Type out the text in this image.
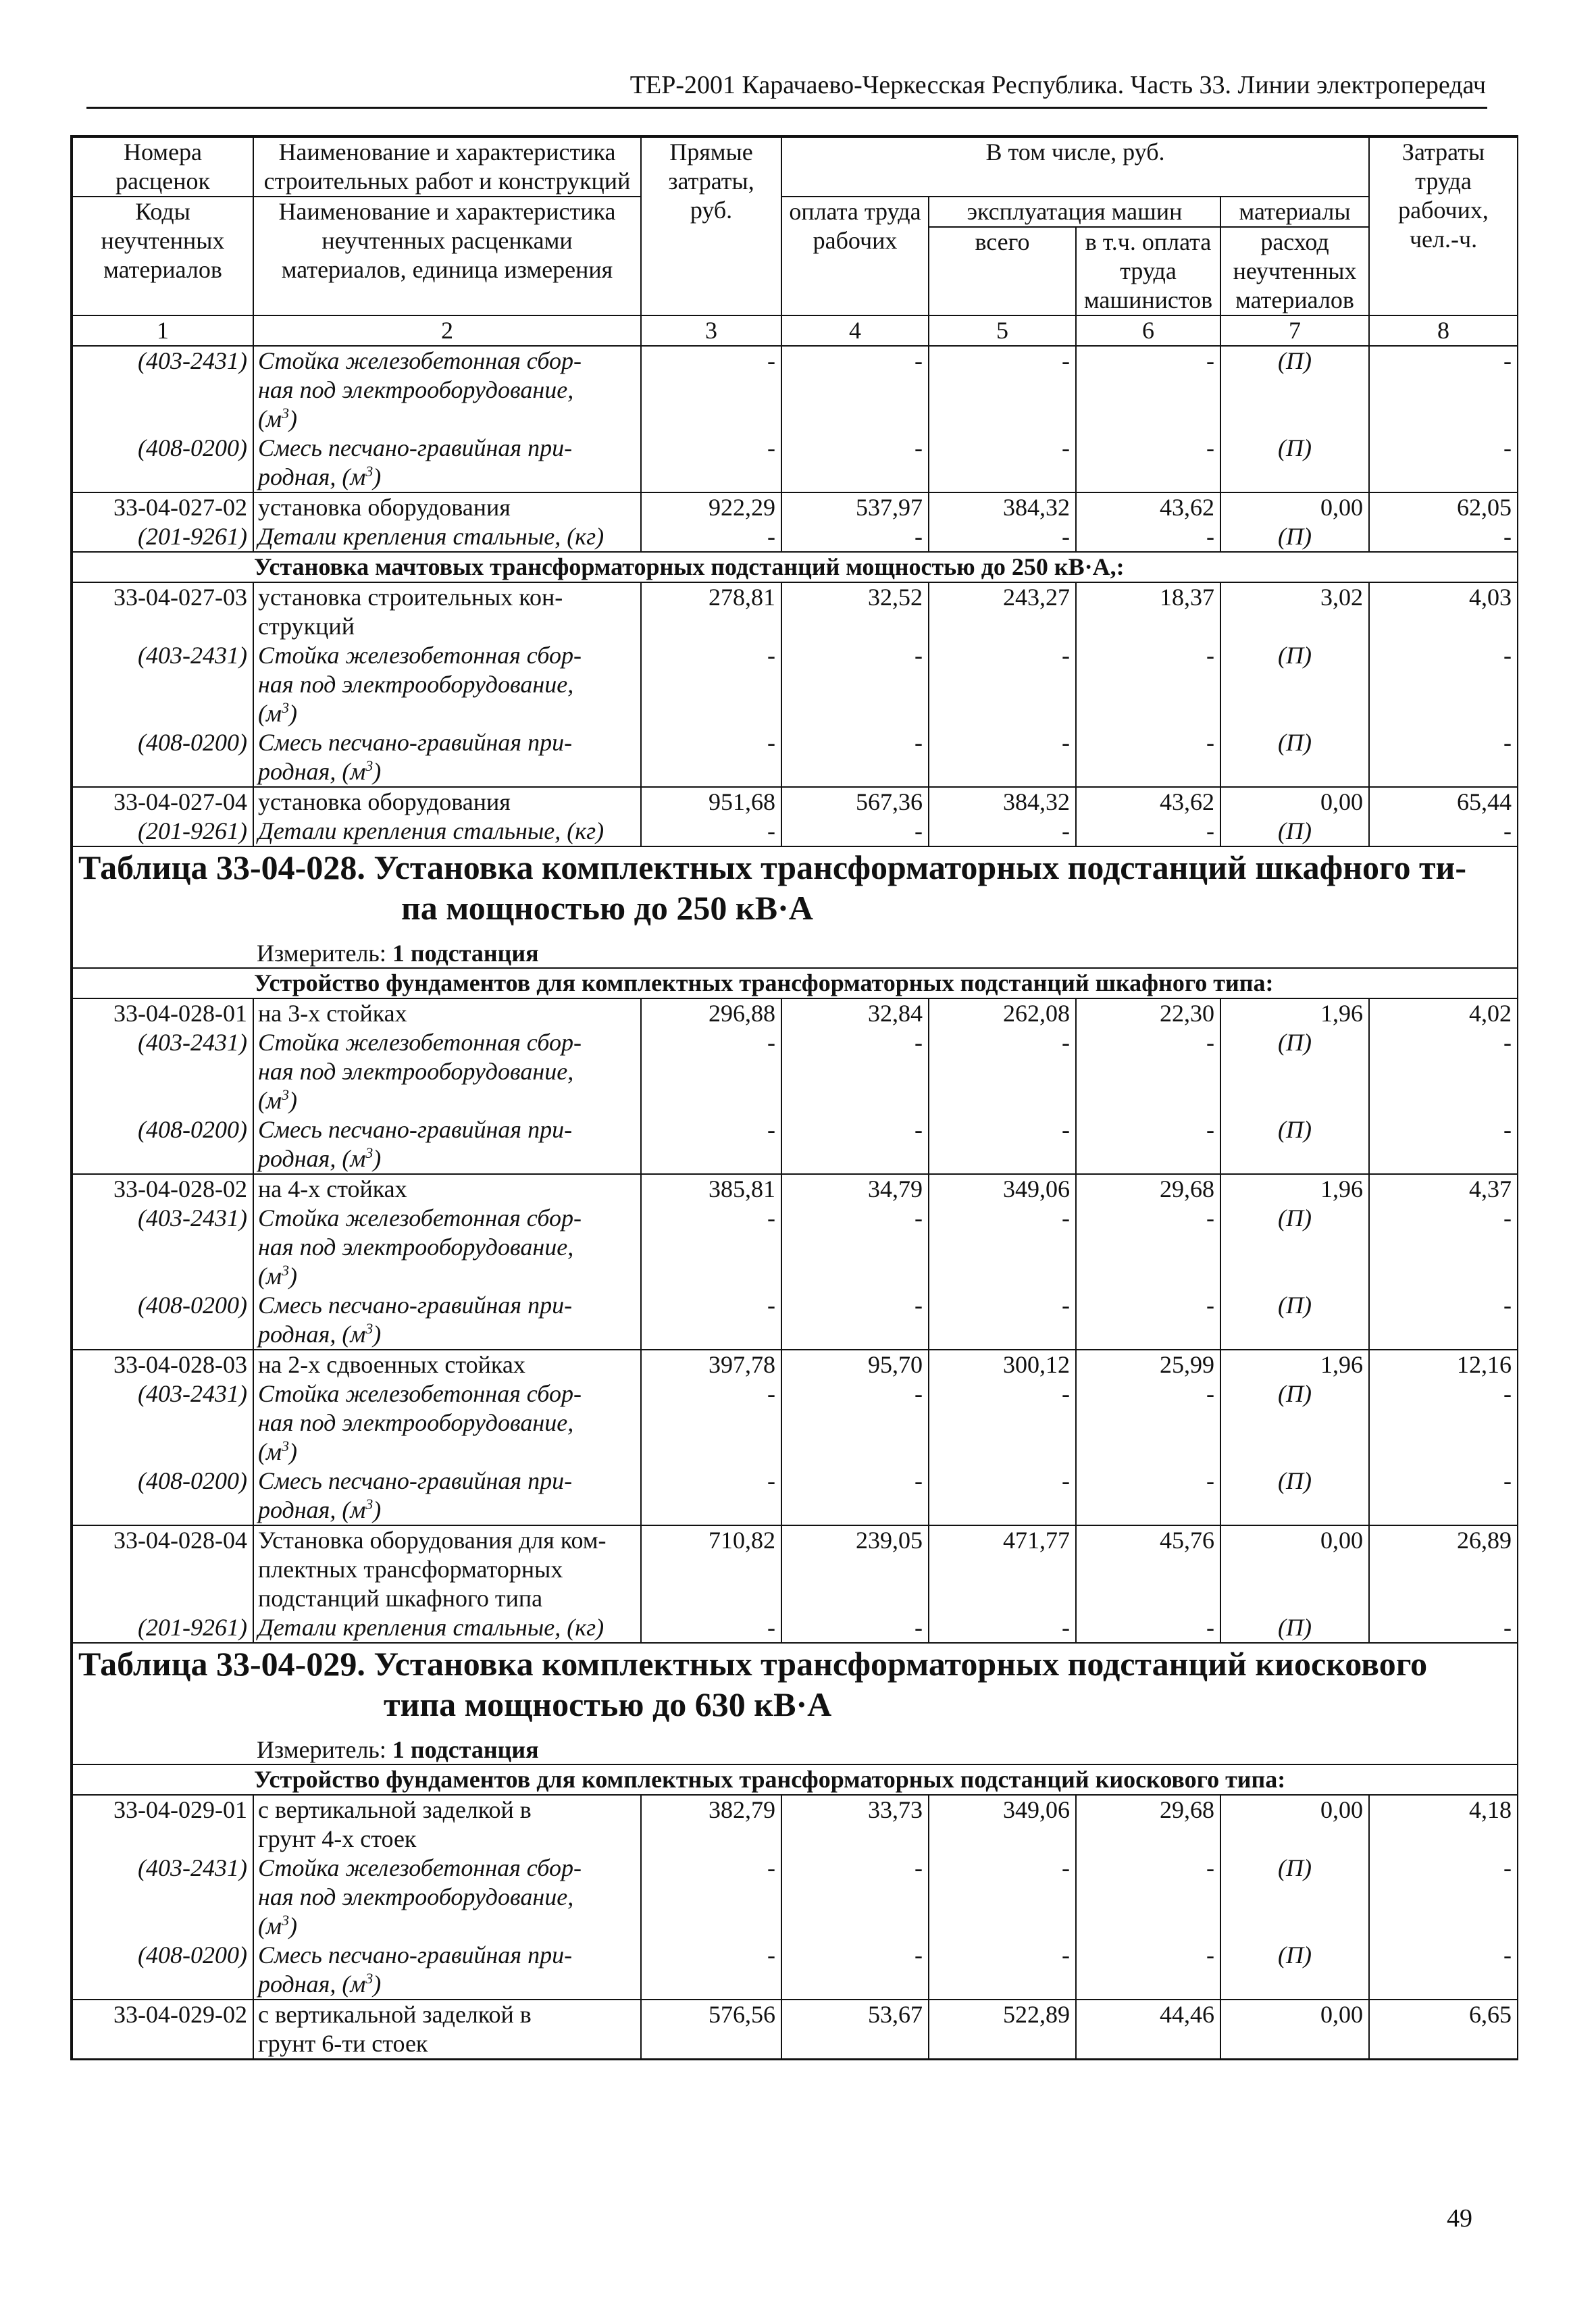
ТЕР-2001 Карачаево-Черкесская Республика. Часть 33. Линии электропередач
Номера расценок	Наименование и характеристика строительных работ и конструкций	Прямые затраты, руб.	В том числе, руб.				Затраты труда рабочих, чел.-ч.
Коды неучтенных материалов	Наименование и характеристика неучтенных расценками материалов, единица измерения		оплата труда рабочих	эксплуатация машин		материалы	
				всего	в т.ч. оплата труда машинистов	расход неучтенных материалов	
1	2	3	4	5	6	7	8
(403-2431)	Стойка железобетонная сбор-
ная под электрооборудование,
$(м^3)$	-	-	-	-	(П)	-
(408-0200)	Смесь песчано-гравийная при-
родная, $(м^3)$	-	-	-	-	(П)	-
33-04-027-02	установка оборудования	922,29	537,97	384,32	43,62	0,00	62,05
(201-9261)	Детали крепления стальные, (кг)	-	-	-	-	(П)	-
Установка мачтовых трансформаторных подстанций мощностью до 250 кВ·А,:							
33-04-027-03	установка строительных кон-
струкций	278,81	32,52	243,27	18,37	3,02	4,03
(403-2431)	Стойка железобетонная сбор-
ная под электрооборудование,
$(м^3)$	-	-	-	-	(П)	-
(408-0200)	Смесь песчано-гравийная при-
родная, $(м^3)$	-	-	-	-	(П)	-
33-04-027-04	установка оборудования	951,68	567,36	384,32	43,62	0,00	65,44
(201-9261)	Детали крепления стальные, (кг)	-	-	-	-	(П)	-

Таблица 33-04-028. Установка комплектных трансформаторных подстанций шкафного ти-
па мощностью до 250 кВ·А
Измеритель: 1 подстанция							

Устройство фундаментов для комплектных трансформаторных подстанций шкафного типа:							
33-04-028-01	на 3-х стойках	296,88	32,84	262,08	22,30	1,96	4,02
(403-2431)	Стойка железобетонная сбор-
ная под электрооборудование,
$(м^3)$	-	-	-	-	(П)	-
(408-0200)	Смесь песчано-гравийная при-
родная, $(м^3)$	-	-	-	-	(П)	-
33-04-028-02	на 4-х стойках	385,81	34,79	349,06	29,68	1,96	4,37
(403-2431)	Стойка железобетонная сбор-
ная под электрооборудование,
$(м^3)$	-	-	-	-	(П)	-
(408-0200)	Смесь песчано-гравийная при-
родная, $(м^3)$	-	-	-	-	(П)	-
33-04-028-03	на 2-х сдвоенных стойках	397,78	95,70	300,12	25,99	1,96	12,16
(403-2431)	Стойка железобетонная сбор-
ная под электрооборудование,
$(м^3)$	-	-	-	-	(П)	-
(408-0200)	Смесь песчано-гравийная при-
родная, $(м^3)$	-	-	-	-	(П)	-
33-04-028-04	Установка оборудования для ком-
плектных трансформаторных
подстанций шкафного типа	710,82	239,05	471,77	45,76	0,00	26,89
(201-9261)	Детали крепления стальные, (кг)	-	-	-	-	(П)	-

Таблица 33-04-029. Установка комплектных трансформаторных подстанций киоскового
типа мощностью до 630 кВ·А
Измеритель: 1 подстанция							

Устройство фундаментов для комплектных трансформаторных подстанций киоскового типа:							
33-04-029-01	с вертикальной заделкой в
грунт 4-х стоек	382,79	33,73	349,06	29,68	0,00	4,18
(403-2431)	Стойка железобетонная сбор-
ная под электрооборудование,
$(м^3)$	-	-	-	-	(П)	-
(408-0200)	Смесь песчано-гравийная при-
родная, $(м^3)$	-	-	-	-	(П)	-
33-04-029-02	с вертикальной заделкой в
грунт 6-ти стоек	576,56	53,67	522,89	44,46	0,00	6,65
49
